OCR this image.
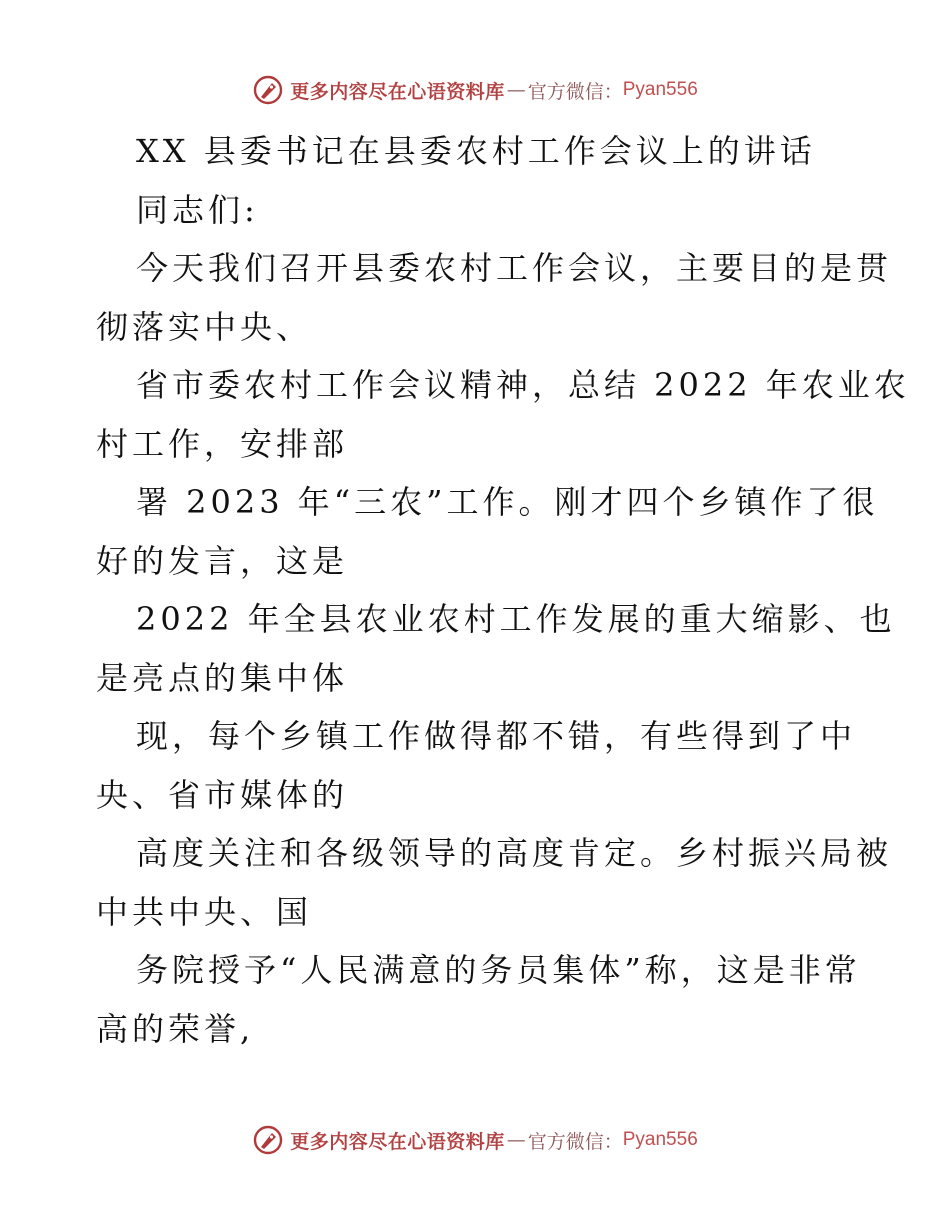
更多内容尽在心语资料库 — 官方微信： Pyan556
XX 县委书记在县委农村工作会议上的讲话
同志们:
今天我们召开县委农村工作会议，主要目的是贯
彻落实中央、
省市委农村工作会议精神，总结 2022 年农业农
村工作，安排部
署 2023 年“三农”工作。刚才四个乡镇作了很
好的发言，这是
2022 年全县农业农村工作发展的重大缩影、也
是亮点的集中体
现，每个乡镇工作做得都不错，有些得到了中
央、省市媒体的
高度关注和各级领导的高度肯定。乡村振兴局被
中共中央、国
务院授予“人民满意的务员集体”称，这是非常
高的荣誉,
更多内容尽在心语资料库 — 官方微信： Pyan556
